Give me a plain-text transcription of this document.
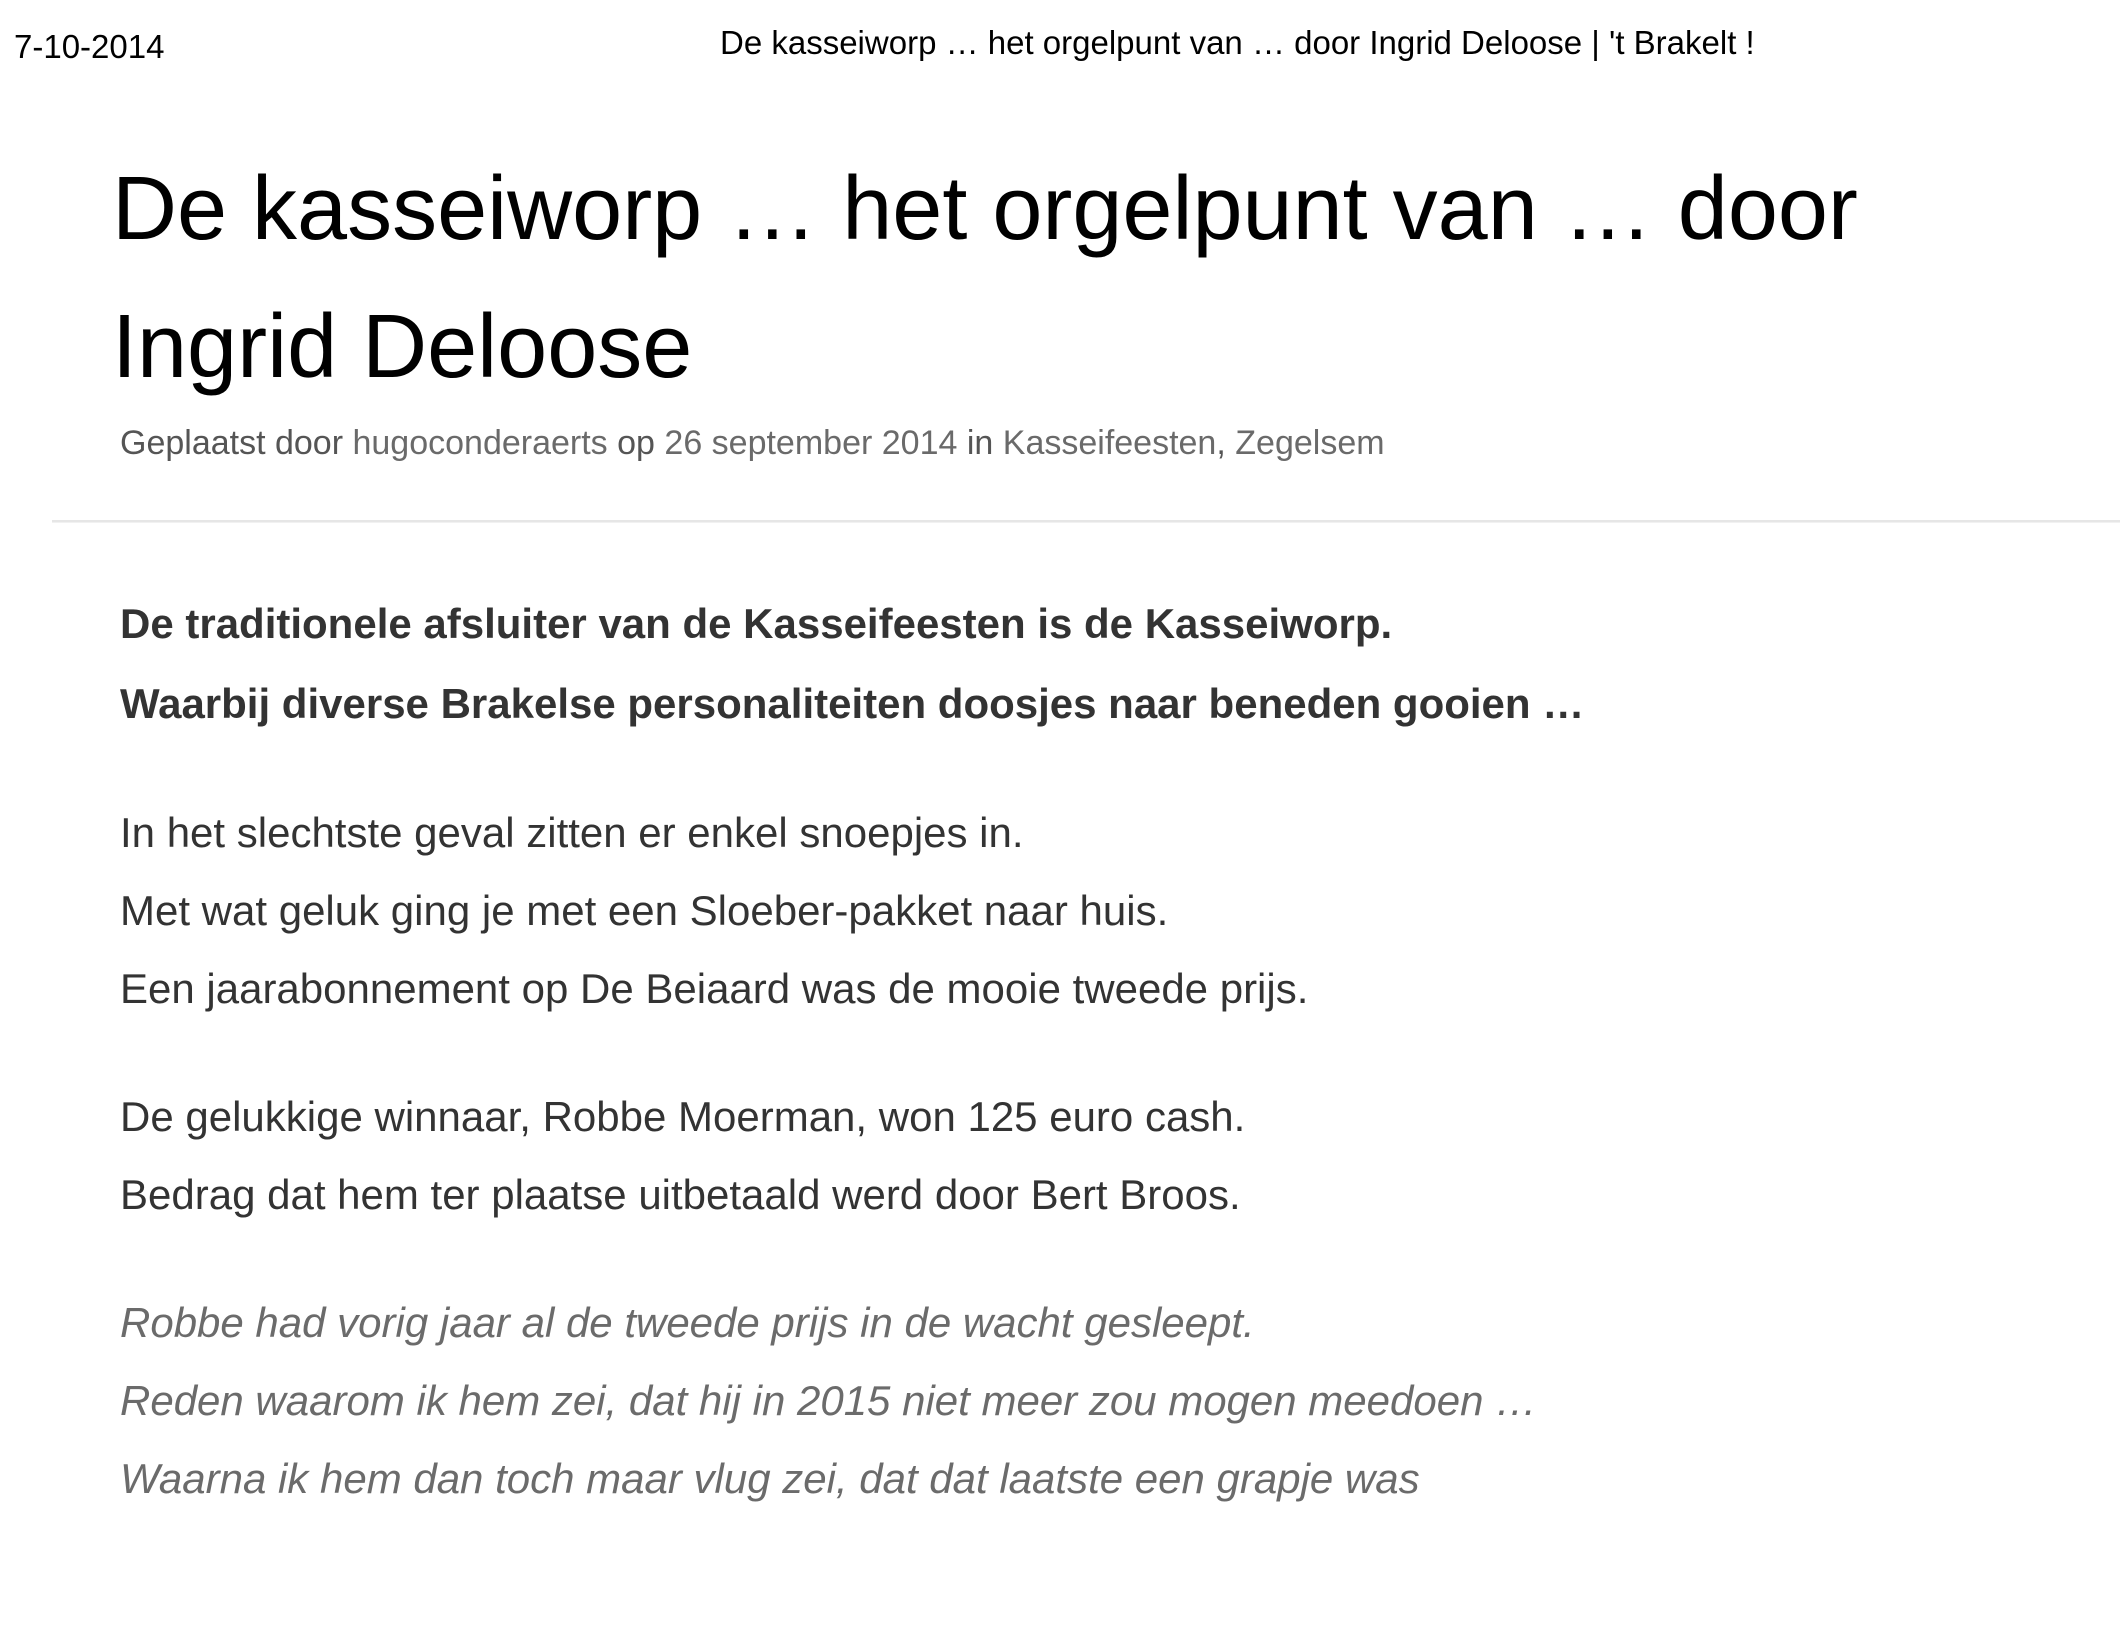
7-10-2014	De kasseiworp … het orgelpunt van … door Ingrid Deloose | 't Brakelt !
De kasseiworp … het orgelpunt van … door Ingrid Deloose
Geplaatst door hugoconderaerts op 26 september 2014 in Kasseifeesten, Zegelsem

De traditionele afsluiter van de Kasseifeesten is de Kasseiworp.

Waarbij diverse Brakelse personaliteiten doosjes naar beneden gooien …

In het slechtste geval zitten er enkel snoepjes in.

Met wat geluk ging je met een Sloeber-pakket naar huis.

Een jaarabonnement op De Beiaard was de mooie tweede prijs.

De gelukkige winnaar, Robbe Moerman, won 125 euro cash.

Bedrag dat hem ter plaatse uitbetaald werd door Bert Broos.

Robbe had vorig jaar al de tweede prijs in de wacht gesleept.

Reden waarom ik hem zei, dat hij in 2015 niet meer zou mogen meedoen …

Waarna ik hem dan toch maar vlug zei, dat dat laatste een grapje was
